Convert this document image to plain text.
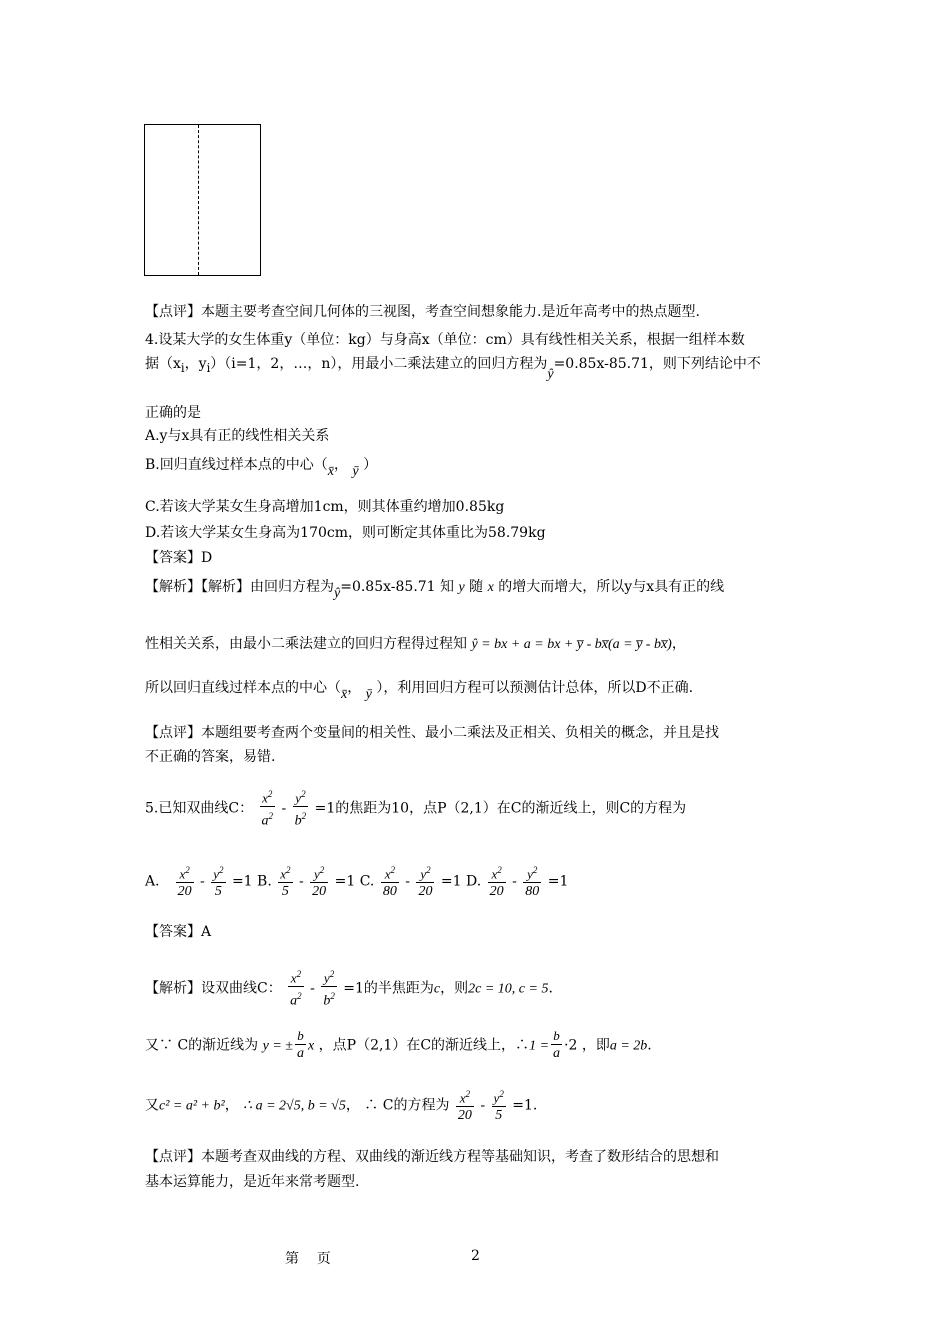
【点评】本题主要考查空间几何体的三视图，考查空间想象能力.是近年高考中的热点题型.
4.设某大学的女生体重y（单位：kg）与身高x（单位：cm）具有线性相关关系，根据一组样本数
据（$x_i$，$y_i)(i=1$，2，…，n），用最小二乘法建立的回归方程为ŷ=0.85x-85.71，则下列结论中不
正确的是
A.y与x具有正的线性相关关系
B.回归直线过样本点的中心（x̄， ȳ ）
C.若该大学某女生身高增加1cm，则其体重约增加0.85kg
D.若该大学某女生身高为170cm，则可断定其体重比为58.79kg
【答案】D
【解析】【解析】由回归方程为ŷ=0.85x-85.71 知 y 随 x 的增大而增大，所以y与x具有正的线
性相关关系，由最小二乘法建立的回归方程得过程知 ŷ = bx + a = bx + y̅ - bx̅(a = y̅ - bx̅)，
所以回归直线过样本点的中心（x̄， ȳ ），利用回归方程可以预测估计总体，所以D不正确.
【点评】本题组要考查两个变量间的相关性、最小二乘法及正相关、负相关的概念，并且是找
不正确的答案，易错.
5.已知双曲线C： $\frac{x^2}{a^2} - \frac{y^2}{b^2} =1$的焦距为10，点P（2,1）在C的渐近线上，则C的方程为
A． $\frac{x^2}{20} - \frac{y^2}{5} =1$ B. $\frac{x^2}{5} - \frac{y^2}{20} =1$ C. $\frac{x^2}{80} - \frac{y^2}{20} =1$ D. $\frac{x^2}{20} - \frac{y^2}{80} =1$
【答案】A
【解析】设双曲线C： $\frac{x^2}{a^2} - \frac{y^2}{b^2} =1$的半焦距为c，则2c = 10, c = 5.
又∵ C的渐近线为 y = ± $\frac{b}{a}$ x ，点P（2,1）在C的渐近线上，∴1 = $\frac{b}{a} \cdot 2$ ，即a = 2b.
又c² = a² + b²， ∴ a = 2√5, b = √5， ∴ C的方程为 $\frac{x^2}{20} - \frac{y^2}{5} =1$.
【点评】本题考查双曲线的方程、双曲线的渐近线方程等基础知识，考查了数形结合的思想和
基本运算能力，是近年来常考题型.
第    页	2
